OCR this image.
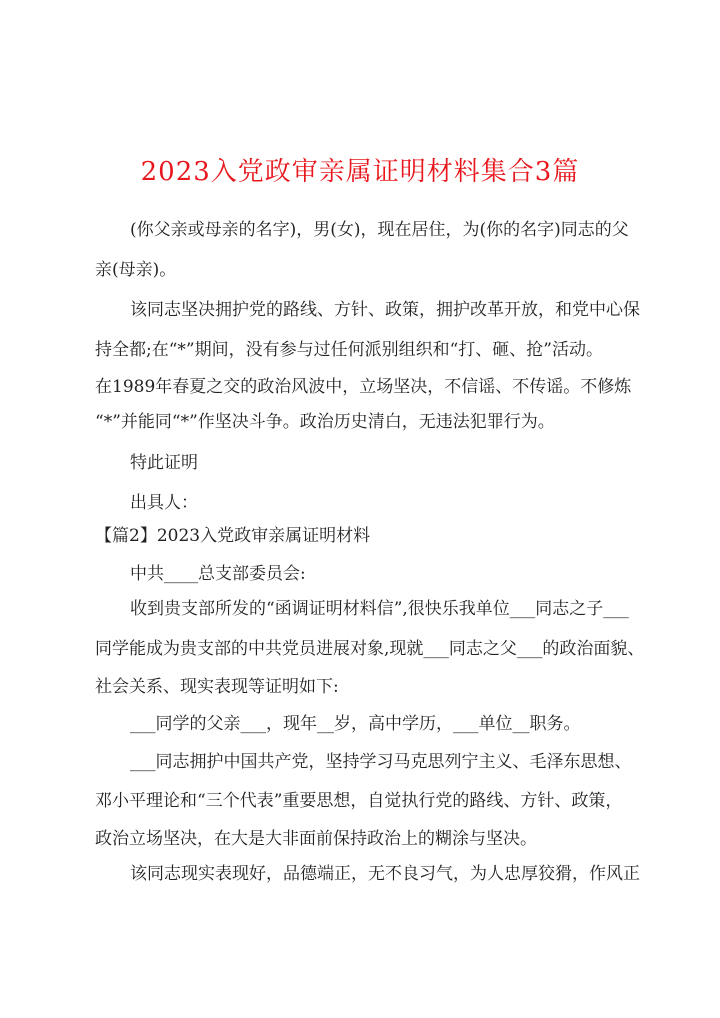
2023入党政审亲属证明材料集合3篇
(你父亲或母亲的名字)，男(女)，现在居住，为(你的名字)同志的父
亲(母亲)。
该同志坚决拥护党的路线、方针、政策，拥护改革开放，和党中心保
持全都;在“*”期间，没有参与过任何派别组织和“打、砸、抢”活动。
在1989年春夏之交的政治风波中，立场坚决，不信谣、不传谣。不修炼
“*”并能同“*”作坚决斗争。政治历史清白，无违法犯罪行为。
特此证明
出具人：
【篇2】2023入党政审亲属证明材料
中共____总支部委员会:
收到贵支部所发的“函调证明材料信”,很快乐我单位___同志之子___
同学能成为贵支部的中共党员进展对象,现就___同志之父___的政治面貌、
社会关系、现实表现等证明如下:
___同学的父亲___，现年__岁，高中学历，___单位__职务。
___同志拥护中国共产党，坚持学习马克思列宁主义、毛泽东思想、
邓小平理论和“三个代表”重要思想，自觉执行党的路线、方针、政策，
政治立场坚决，在大是大非面前保持政治上的糊涂与坚决。
该同志现实表现好，品德端正，无不良习气，为人忠厚狡猾，作风正
